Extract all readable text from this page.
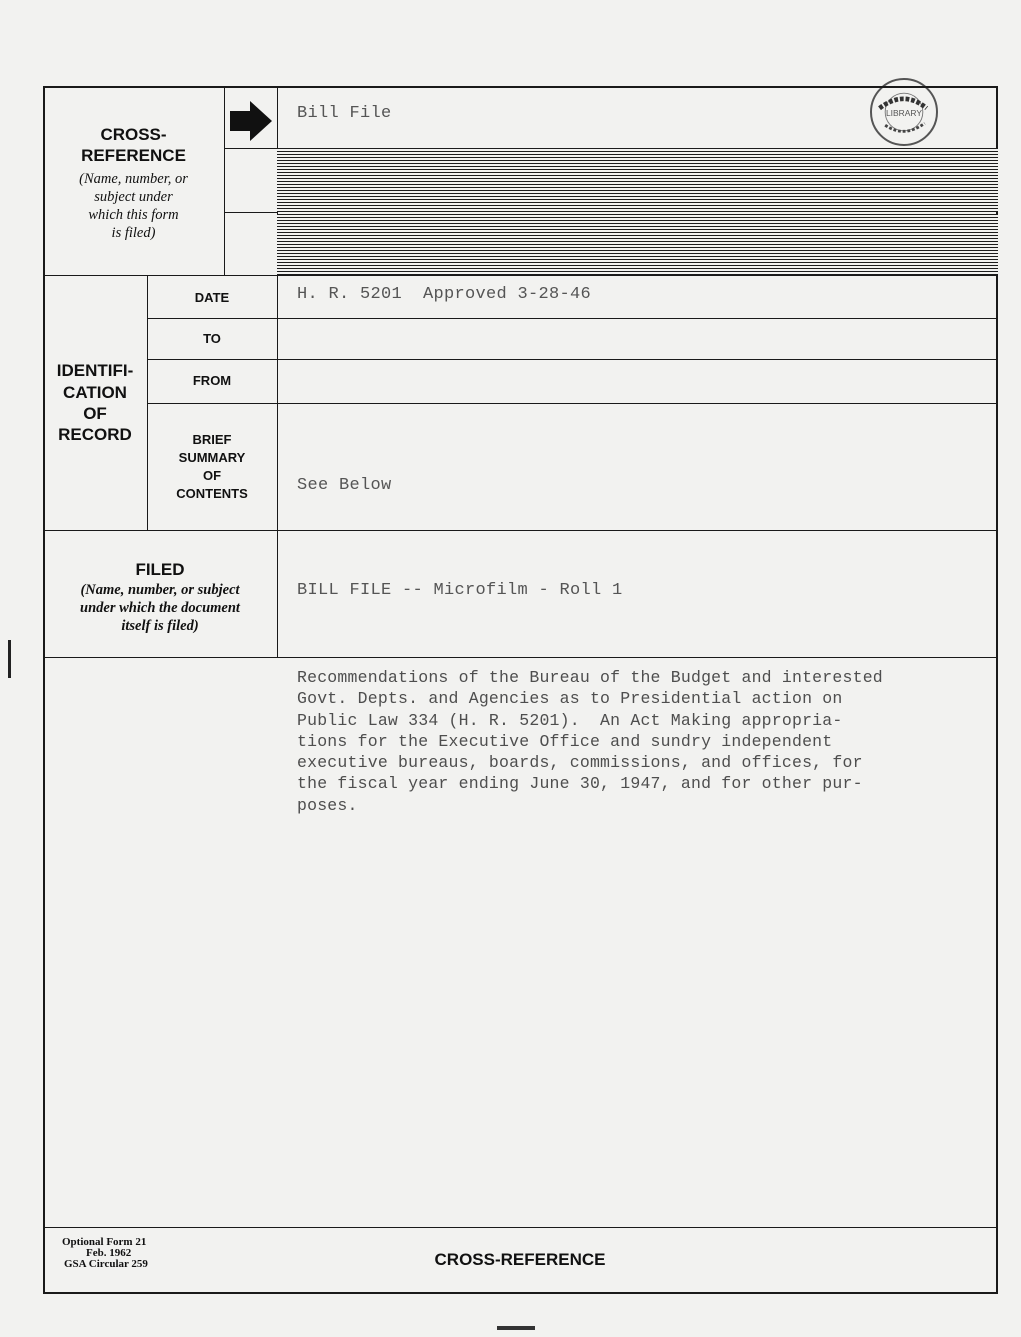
LIBRARY
CROSS-
REFERENCE
(Name, number, or
subject under
which this form
is filed)
Bill File
IDENTIFI-
CATION
OF
RECORD
DATE	H. R. 5201  Approved 3-28-46
TO
FROM
BRIEF
SUMMARY
OF
CONTENTS	See Below
FILED
(Name, number, or subject
under which the document
itself is filed)
BILL FILE -- Microfilm - Roll 1
Recommendations of the Bureau of the Budget and interested
Govt. Depts. and Agencies as to Presidential action on
Public Law 334 (H. R. 5201).  An Act Making appropria-
tions for the Executive Office and sundry independent
executive bureaus, boards, commissions, and offices, for
the fiscal year ending June 30, 1947, and for other pur-
poses.
Optional Form 21
Feb. 1962
GSA Circular 259	CROSS-REFERENCE
